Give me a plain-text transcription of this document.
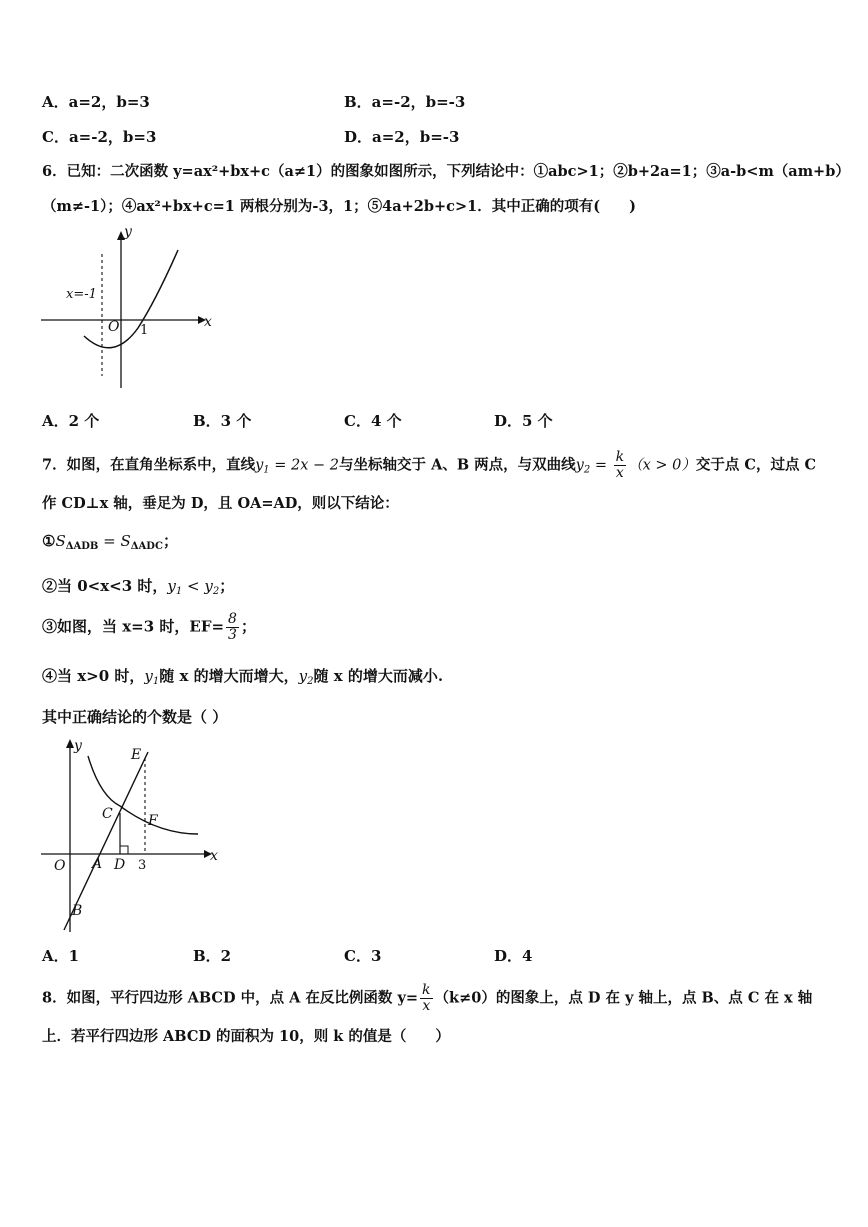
A．a=2，b=3	B．a=-2，b=-3
C．a=-2，b=3	D．a=2，b=-3
6．已知：二次函数 y=ax²+bx+c（a≠1）的图象如图所示，下列结论中：①abc>1；②b+2a=1；③a-b<m（am+b）
（m≠-1）；④ax²+bx+c=1 两根分别为-3，1；⑤4a+2b+c>1．其中正确的项有(　　)
y
x
O 1
x=-1
A．2 个	B．3 个	C．4 个	D．5 个
7．如图，在直角坐标系中，直线$y_1 = 2x - 2$与坐标轴交于 A、B 两点，与双曲线$y_2 = \frac{k}{x} (x > 0)$交于点 C，过点 C
作 CD⊥x 轴，垂足为 D，且 OA=AD，则以下结论：
$①S_{\Delta ADB} = S_{\Delta ADC}$；
②当 0<x<3 时，$y_1 < y_2$；
③如图，当 x=3 时，$EF= \frac{8}{3}$ ；
④当 x>0 时，$y_1$随 x 的增大而增大，$y_2$随 x 的增大而减小.
其中正确结论的个数是（ ）
y
x
O A
B
C
D
E
F
3
A．1	B．2	C．3	D．4
8．如图，平行四边形 ABCD 中，点 A 在反比例函数 $y= \frac{k}{x} (k\ne 0)$的图象上，点 D 在 y 轴上，点 B、点 C 在 x 轴
上．若平行四边形 ABCD 的面积为 10，则 k 的值是（　　）
